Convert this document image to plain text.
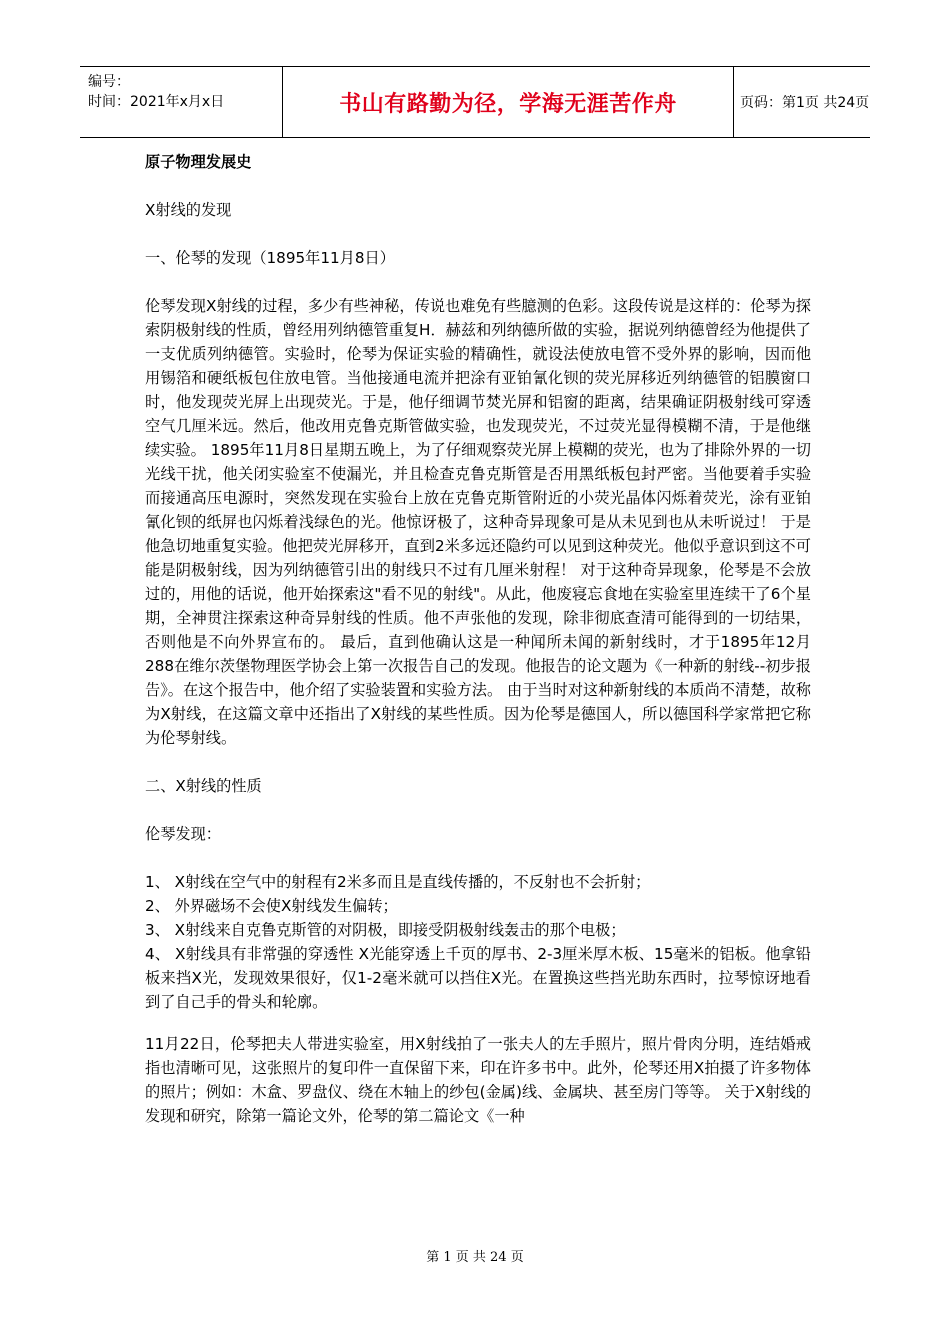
编号：
时间：2021年x月x日	书山有路勤为径，学海无涯苦作舟	页码：第1页 共24页

原子物理发展史

X射线的发现

一、伦琴的发现（1895年11月8日）

伦琴发现X射线的过程，多少有些神秘，传说也难免有些臆测的色彩。这段传说是这样的：伦琴为探索阴极射线的性质，曾经用列纳德管重复H．赫兹和列纳德所做的实验，据说列纳德曾经为他提供了一支优质列纳德管。实验时，伦琴为保证实验的精确性，就设法使放电管不受外界的影响，因而他用锡箔和硬纸板包住放电管。当他接通电流并把涂有亚铂氰化钡的荧光屏移近列纳德管的铝膜窗口时，他发现荧光屏上出现荧光。于是，他仔细调节焚光屏和铝窗的距离，结果确证阴极射线可穿透空气几厘米远。然后，他改用克鲁克斯管做实验，也发现荧光，不过荧光显得模糊不清，于是他继续实验。 1895年11月8日星期五晚上，为了仔细观察荧光屏上模糊的荧光，也为了排除外界的一切光线干扰，他关闭实验室不使漏光，并且检查克鲁克斯管是否用黑纸板包封严密。当他要着手实验而接通高压电源时，突然发现在实验台上放在克鲁克斯管附近的小荧光晶体闪烁着荧光，涂有亚铂氰化钡的纸屏也闪烁着浅绿色的光。他惊讶极了，这种奇异现象可是从未见到也从未听说过！ 于是他急切地重复实验。他把荧光屏移开，直到2米多远还隐约可以见到这种荧光。他似乎意识到这不可能是阴极射线，因为列纳德管引出的射线只不过有几厘米射程！ 对于这种奇异现象，伦琴是不会放过的，用他的话说，他开始探索这"看不见的射线"。从此，他废寝忘食地在实验室里连续干了6个星期，全神贯注探索这种奇异射线的性质。他不声张他的发现，除非彻底查清可能得到的一切结果，否则他是不向外界宣布的。 最后，直到他确认这是一种闻所未闻的新射线时，才于1895年12月288在维尔茨堡物理医学协会上第一次报告自己的发现。他报告的论文题为《一种新的射线--初步报告》。在这个报告中，他介绍了实验装置和实验方法。 由于当时对这种新射线的本质尚不清楚，故称为X射线，在这篇文章中还指出了X射线的某些性质。因为伦琴是德国人，所以德国科学家常把它称为伦琴射线。

二、X射线的性质

伦琴发现：

1、 X射线在空气中的射程有2米多而且是直线传播的，不反射也不会折射；

2、 外界磁场不会使X射线发生偏转；

3、 X射线来自克鲁克斯管的对阴极，即接受阴极射线轰击的那个电极；

4、 X射线具有非常强的穿透性 X光能穿透上千页的厚书、2-3厘米厚木板、15毫米的铝板。他拿铅板来挡X光，发现效果很好，仅1-2毫米就可以挡住X光。在置换这些挡光助东西时，拉琴惊讶地看到了自己手的骨头和轮廓。

11月22日，伦琴把夫人带进实验室，用X射线拍了一张夫人的左手照片，照片骨肉分明，连结婚戒指也清晰可见，这张照片的复印件一直保留下来，印在许多书中。此外，伦琴还用X拍摄了许多物体的照片；例如：木盒、罗盘仪、绕在木轴上的纱包(金属)线、金属块、甚至房门等等。 关于X射线的发现和研究，除第一篇论文外，伦琴的第二篇论文《一种

第 1 页 共 24 页
